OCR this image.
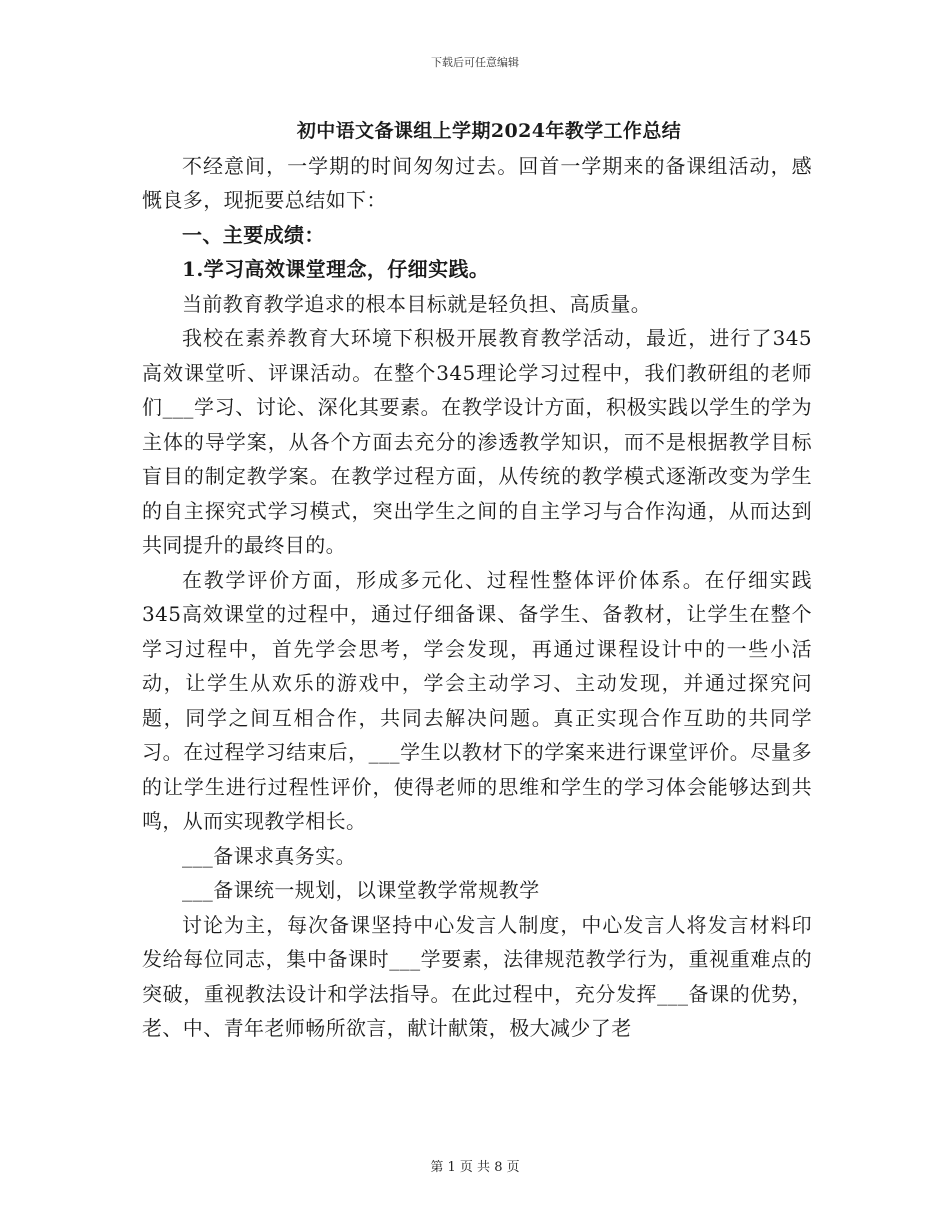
下载后可任意编辑
初中语文备课组上学期2024年教学工作总结

不经意间，一学期的时间匆匆过去。回首一学期来的备课组活动，感慨良多，现扼要总结如下：

一、主要成绩：

1.学习高效课堂理念，仔细实践。

当前教育教学追求的根本目标就是轻负担、高质量。

我校在素养教育大环境下积极开展教育教学活动，最近，进行了345高效课堂听、评课活动。在整个345理论学习过程中，我们教研组的老师们___学习、讨论、深化其要素。在教学设计方面，积极实践以学生的学为主体的导学案，从各个方面去充分的渗透教学知识，而不是根据教学目标盲目的制定教学案。在教学过程方面，从传统的教学模式逐渐改变为学生的自主探究式学习模式，突出学生之间的自主学习与合作沟通，从而达到共同提升的最终目的。

在教学评价方面，形成多元化、过程性整体评价体系。在仔细实践345高效课堂的过程中，通过仔细备课、备学生、备教材，让学生在整个学习过程中，首先学会思考，学会发现，再通过课程设计中的一些小活动，让学生从欢乐的游戏中，学会主动学习、主动发现，并通过探究问题，同学之间互相合作，共同去解决问题。真正实现合作互助的共同学习。在过程学习结束后，___学生以教材下的学案来进行课堂评价。尽量多的让学生进行过程性评价，使得老师的思维和学生的学习体会能够达到共鸣，从而实现教学相长。

___备课求真务实。

___备课统一规划，以课堂教学常规教学

讨论为主，每次备课坚持中心发言人制度，中心发言人将发言材料印发给每位同志，集中备课时___学要素，法律规范教学行为，重视重难点的突破，重视教法设计和学法指导。在此过程中，充分发挥___备课的优势，老、中、青年老师畅所欲言，献计献策，极大减少了老

第 1 页 共 8 页
